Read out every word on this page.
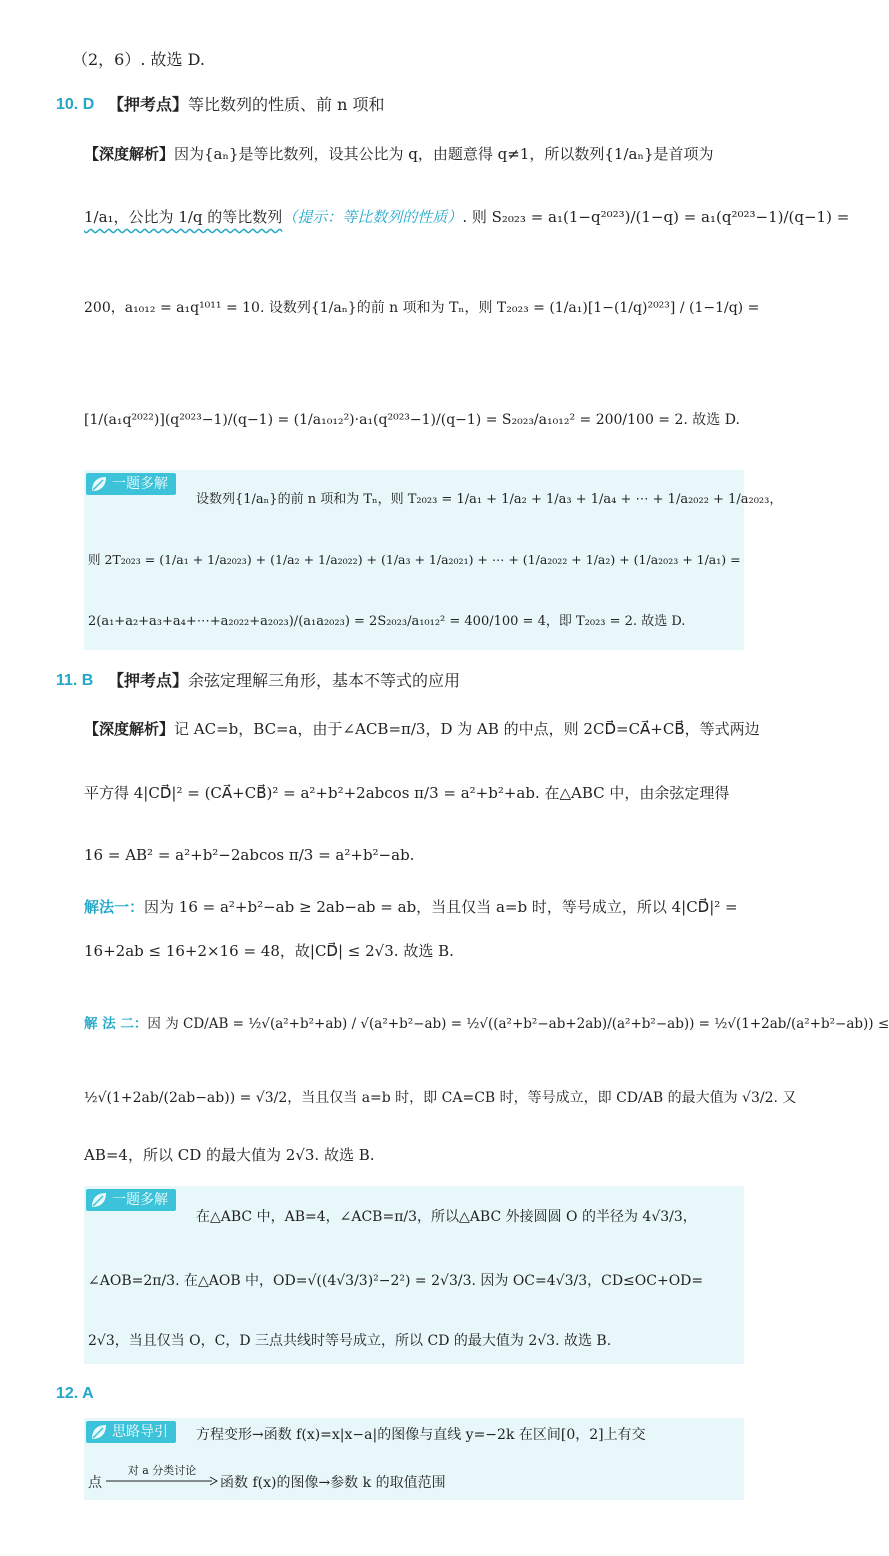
（2，6）. 故选 D.
10. D 【押考点】等比数列的性质、前 n 项和
【深度解析】因为{aₙ}是等比数列，设其公比为 q，由题意得 q≠1，所以数列{1/aₙ}是首项为
1/a₁，公比为 1/q 的等比数列（提示：等比数列的性质）. 则 S₂₀₂₃ = a₁(1−q²⁰²³)/(1−q) = a₁(q²⁰²³−1)/(q−1) =
200，a₁₀₁₂ = a₁q¹⁰¹¹ = 10. 设数列{1/aₙ}的前 n 项和为 Tₙ，则 T₂₀₂₃ = (1/a₁)[1−(1/q)²⁰²³] / (1−1/q) =
[1/(a₁q²⁰²²)](q²⁰²³−1)/(q−1) = (1/a₁₀₁₂²)·a₁(q²⁰²³−1)/(q−1) = S₂₀₂₃/a₁₀₁₂² = 200/100 = 2. 故选 D.
一题多解
设数列{1/aₙ}的前 n 项和为 Tₙ，则 T₂₀₂₃ = 1/a₁ + 1/a₂ + 1/a₃ + 1/a₄ + ⋯ + 1/a₂₀₂₂ + 1/a₂₀₂₃，
则 2T₂₀₂₃ = (1/a₁ + 1/a₂₀₂₃) + (1/a₂ + 1/a₂₀₂₂) + (1/a₃ + 1/a₂₀₂₁) + ⋯ + (1/a₂₀₂₂ + 1/a₂) + (1/a₂₀₂₃ + 1/a₁) =
2(a₁+a₂+a₃+a₄+⋯+a₂₀₂₂+a₂₀₂₃)/(a₁a₂₀₂₃) = 2S₂₀₂₃/a₁₀₁₂² = 400/100 = 4，即 T₂₀₂₃ = 2. 故选 D.
11. B 【押考点】余弦定理解三角形，基本不等式的应用
【深度解析】记 AC=b，BC=a，由于∠ACB=π/3，D 为 AB 的中点，则 2CD⃗=CA⃗+CB⃗，等式两边
平方得 4|CD⃗|² = (CA⃗+CB⃗)² = a²+b²+2abcos π/3 = a²+b²+ab. 在△ABC 中，由余弦定理得
16 = AB² = a²+b²−2abcos π/3 = a²+b²−ab.
解法一：因为 16 = a²+b²−ab ≥ 2ab−ab = ab，当且仅当 a=b 时，等号成立，所以 4|CD⃗|² =
16+2ab ≤ 16+2×16 = 48，故|CD⃗| ≤ 2√3. 故选 B.
解 法 二：因 为 CD/AB = ½√(a²+b²+ab) / √(a²+b²−ab) = ½√((a²+b²−ab+2ab)/(a²+b²−ab)) = ½√(1+2ab/(a²+b²−ab)) ≤
½√(1+2ab/(2ab−ab)) = √3/2，当且仅当 a=b 时，即 CA=CB 时，等号成立，即 CD/AB 的最大值为 √3/2. 又
AB=4，所以 CD 的最大值为 2√3. 故选 B.
一题多解
在△ABC 中，AB=4，∠ACB=π/3，所以△ABC 外接圆圆 O 的半径为 4√3/3，
∠AOB=2π/3. 在△AOB 中，OD=√((4√3/3)²−2²) = 2√3/3. 因为 OC=4√3/3，CD≤OC+OD=
2√3，当且仅当 O，C，D 三点共线时等号成立，所以 CD 的最大值为 2√3. 故选 B.
12. A
思路导引	方程变形→函数 f(x)=x|x−a|的图像与直线 y=−2k 在区间[0，2]上有交
点
对 a 分类讨论
函数 f(x)的图像→参数 k 的取值范围
